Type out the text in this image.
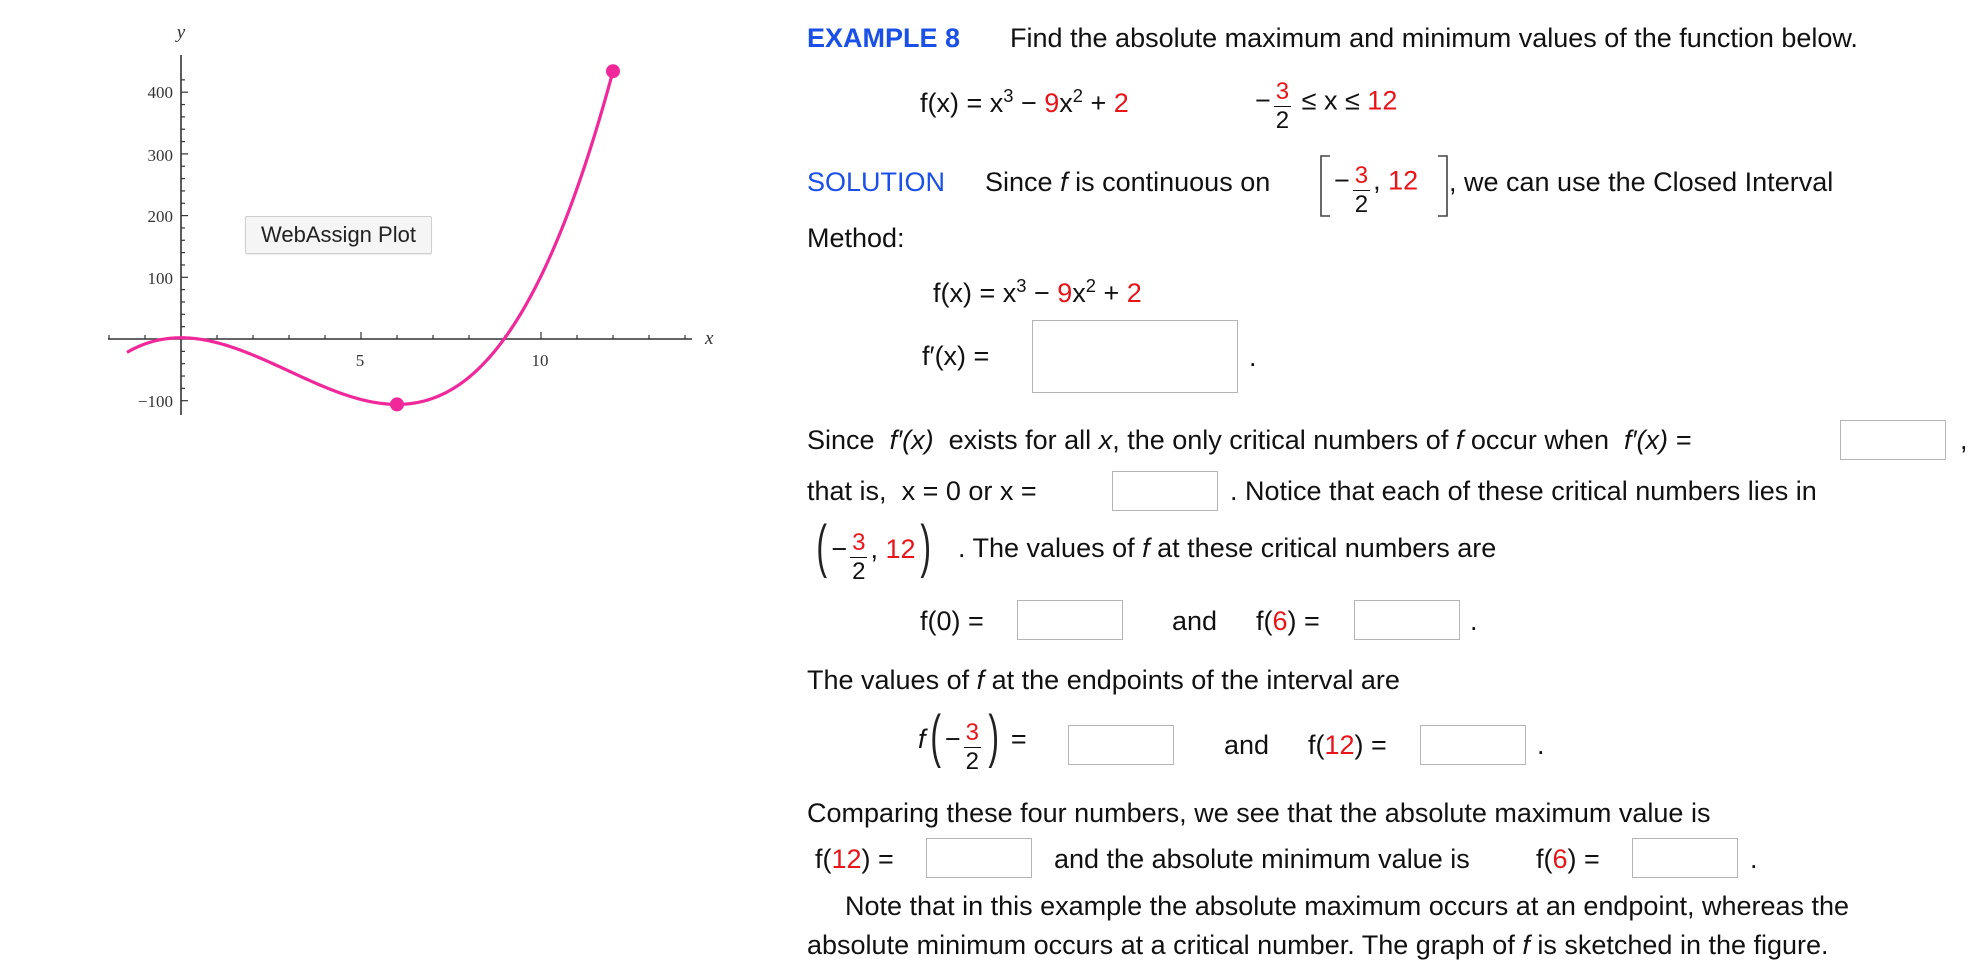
y
x
400
300
200
100
−100
5	10
WebAssign Plot
EXAMPLE 8 Find the absolute maximum and minimum values of the function below.
$f(x) = x^3 - 9x^2 + 2$	− $\frac{3}{2} \le x \le 12$
SOLUTION Since f is continuous on − $\frac{3}{2}$ , 12 , we can use the Closed Interval
Method:
$f(x) = x^3 - 9x^2 + 2$
f′(x) =	.
Since f′(x) exists for all x, the only critical numbers of f occur when f′(x) =	,
that is, x = 0 or x =	. Notice that each of these critical numbers lies in
( − $\frac{3}{2}$ , 12) . The values of f at these critical numbers are
f(0) =	and f(6) =	.
The values of f at the endpoints of the interval are
$f( - \frac{3}{2}$ ) =	and f(12) =	.
Comparing these four numbers, we see that the absolute maximum value is
f(12) =	and the absolute minimum value is f(6) =	.
Note that in this example the absolute maximum occurs at an endpoint, whereas the
absolute minimum occurs at a critical number. The graph of f is sketched in the figure.
